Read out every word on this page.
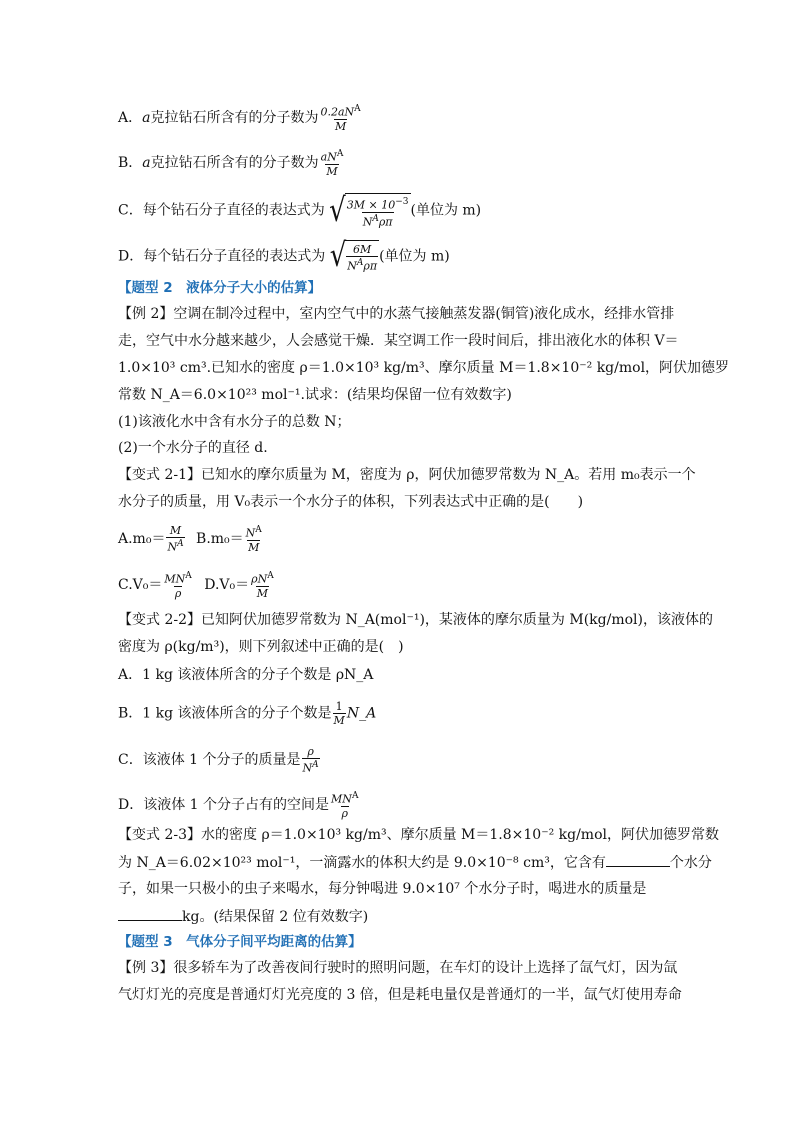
A．a克拉钻石所含有的分子数为 $\frac{0.2aN^A}{M}$
B．a克拉钻石所含有的分子数为 $\frac{aN^A}{M}$
C．每个钻石分子直径的表达式为 √ $\frac{3M \times 10^{-3}}{N^A\rho\pi}$ (单位为 m)
D．每个钻石分子直径的表达式为 √ $\frac{6M}{N^A\rho\pi}$ (单位为 m)
【题型 2　液体分子大小的估算】
【例 2】空调在制冷过程中，室内空气中的水蒸气接触蒸发器(铜管)液化成水，经排水管排
走，空气中水分越来越少，人会感觉干燥．某空调工作一段时间后，排出液化水的体积 V＝
1.0×10³ cm³.已知水的密度 ρ＝1.0×10³ kg/m³、摩尔质量 M＝1.8×10⁻² kg/mol，阿伏加德罗
常数 N_A＝6.0×10²³ mol⁻¹.试求：(结果均保留一位有效数字)
(1)该液化水中含有水分子的总数 N；
(2)一个水分子的直径 d.
【变式 2-1】已知水的摩尔质量为 M，密度为 ρ，阿伏加德罗常数为 N_A。若用 m₀表示一个
水分子的质量，用 V₀表示一个水分子的体积，下列表达式中正确的是(　　)
$A.m_0= \frac{M}{N^A} B.m_0= \frac{N^A}{M}$
$C.V_0= \frac{MN^A}{\rho} D.V_0= \frac{\rho N^A}{M}$
【变式 2-2】已知阿伏加德罗常数为 N_A(mol⁻¹)，某液体的摩尔质量为 M(kg/mol)，该液体的
密度为 ρ(kg/m³)，则下列叙述中正确的是(　)
A．1 kg 该液体所含的分子个数是 ρN_A
B．1 kg 该液体所含的分子个数是 $\frac{1}{M}$ N_A
C．该液体 1 个分子的质量是 $\frac{\rho}{N^A}$
D．该液体 1 个分子占有的空间是 $\frac{MN^A}{\rho}$
【变式 2-3】水的密度 ρ＝1.0×10³ kg/m³、摩尔质量 M＝1.8×10⁻² kg/mol，阿伏加德罗常数
为 N_A＝6.02×10²³ mol⁻¹，一滴露水的体积大约是 9.0×10⁻⁸ cm³，它含有	个水分
子，如果一只极小的虫子来喝水，每分钟喝进 9.0×10⁷ 个水分子时，喝进水的质量是
kg。(结果保留 2 位有效数字)
【题型 3　气体分子间平均距离的估算】
【例 3】很多轿车为了改善夜间行驶时的照明问题，在车灯的设计上选择了氙气灯，因为氙
气灯灯光的亮度是普通灯灯光亮度的 3 倍，但是耗电量仅是普通灯的一半，氙气灯使用寿命
